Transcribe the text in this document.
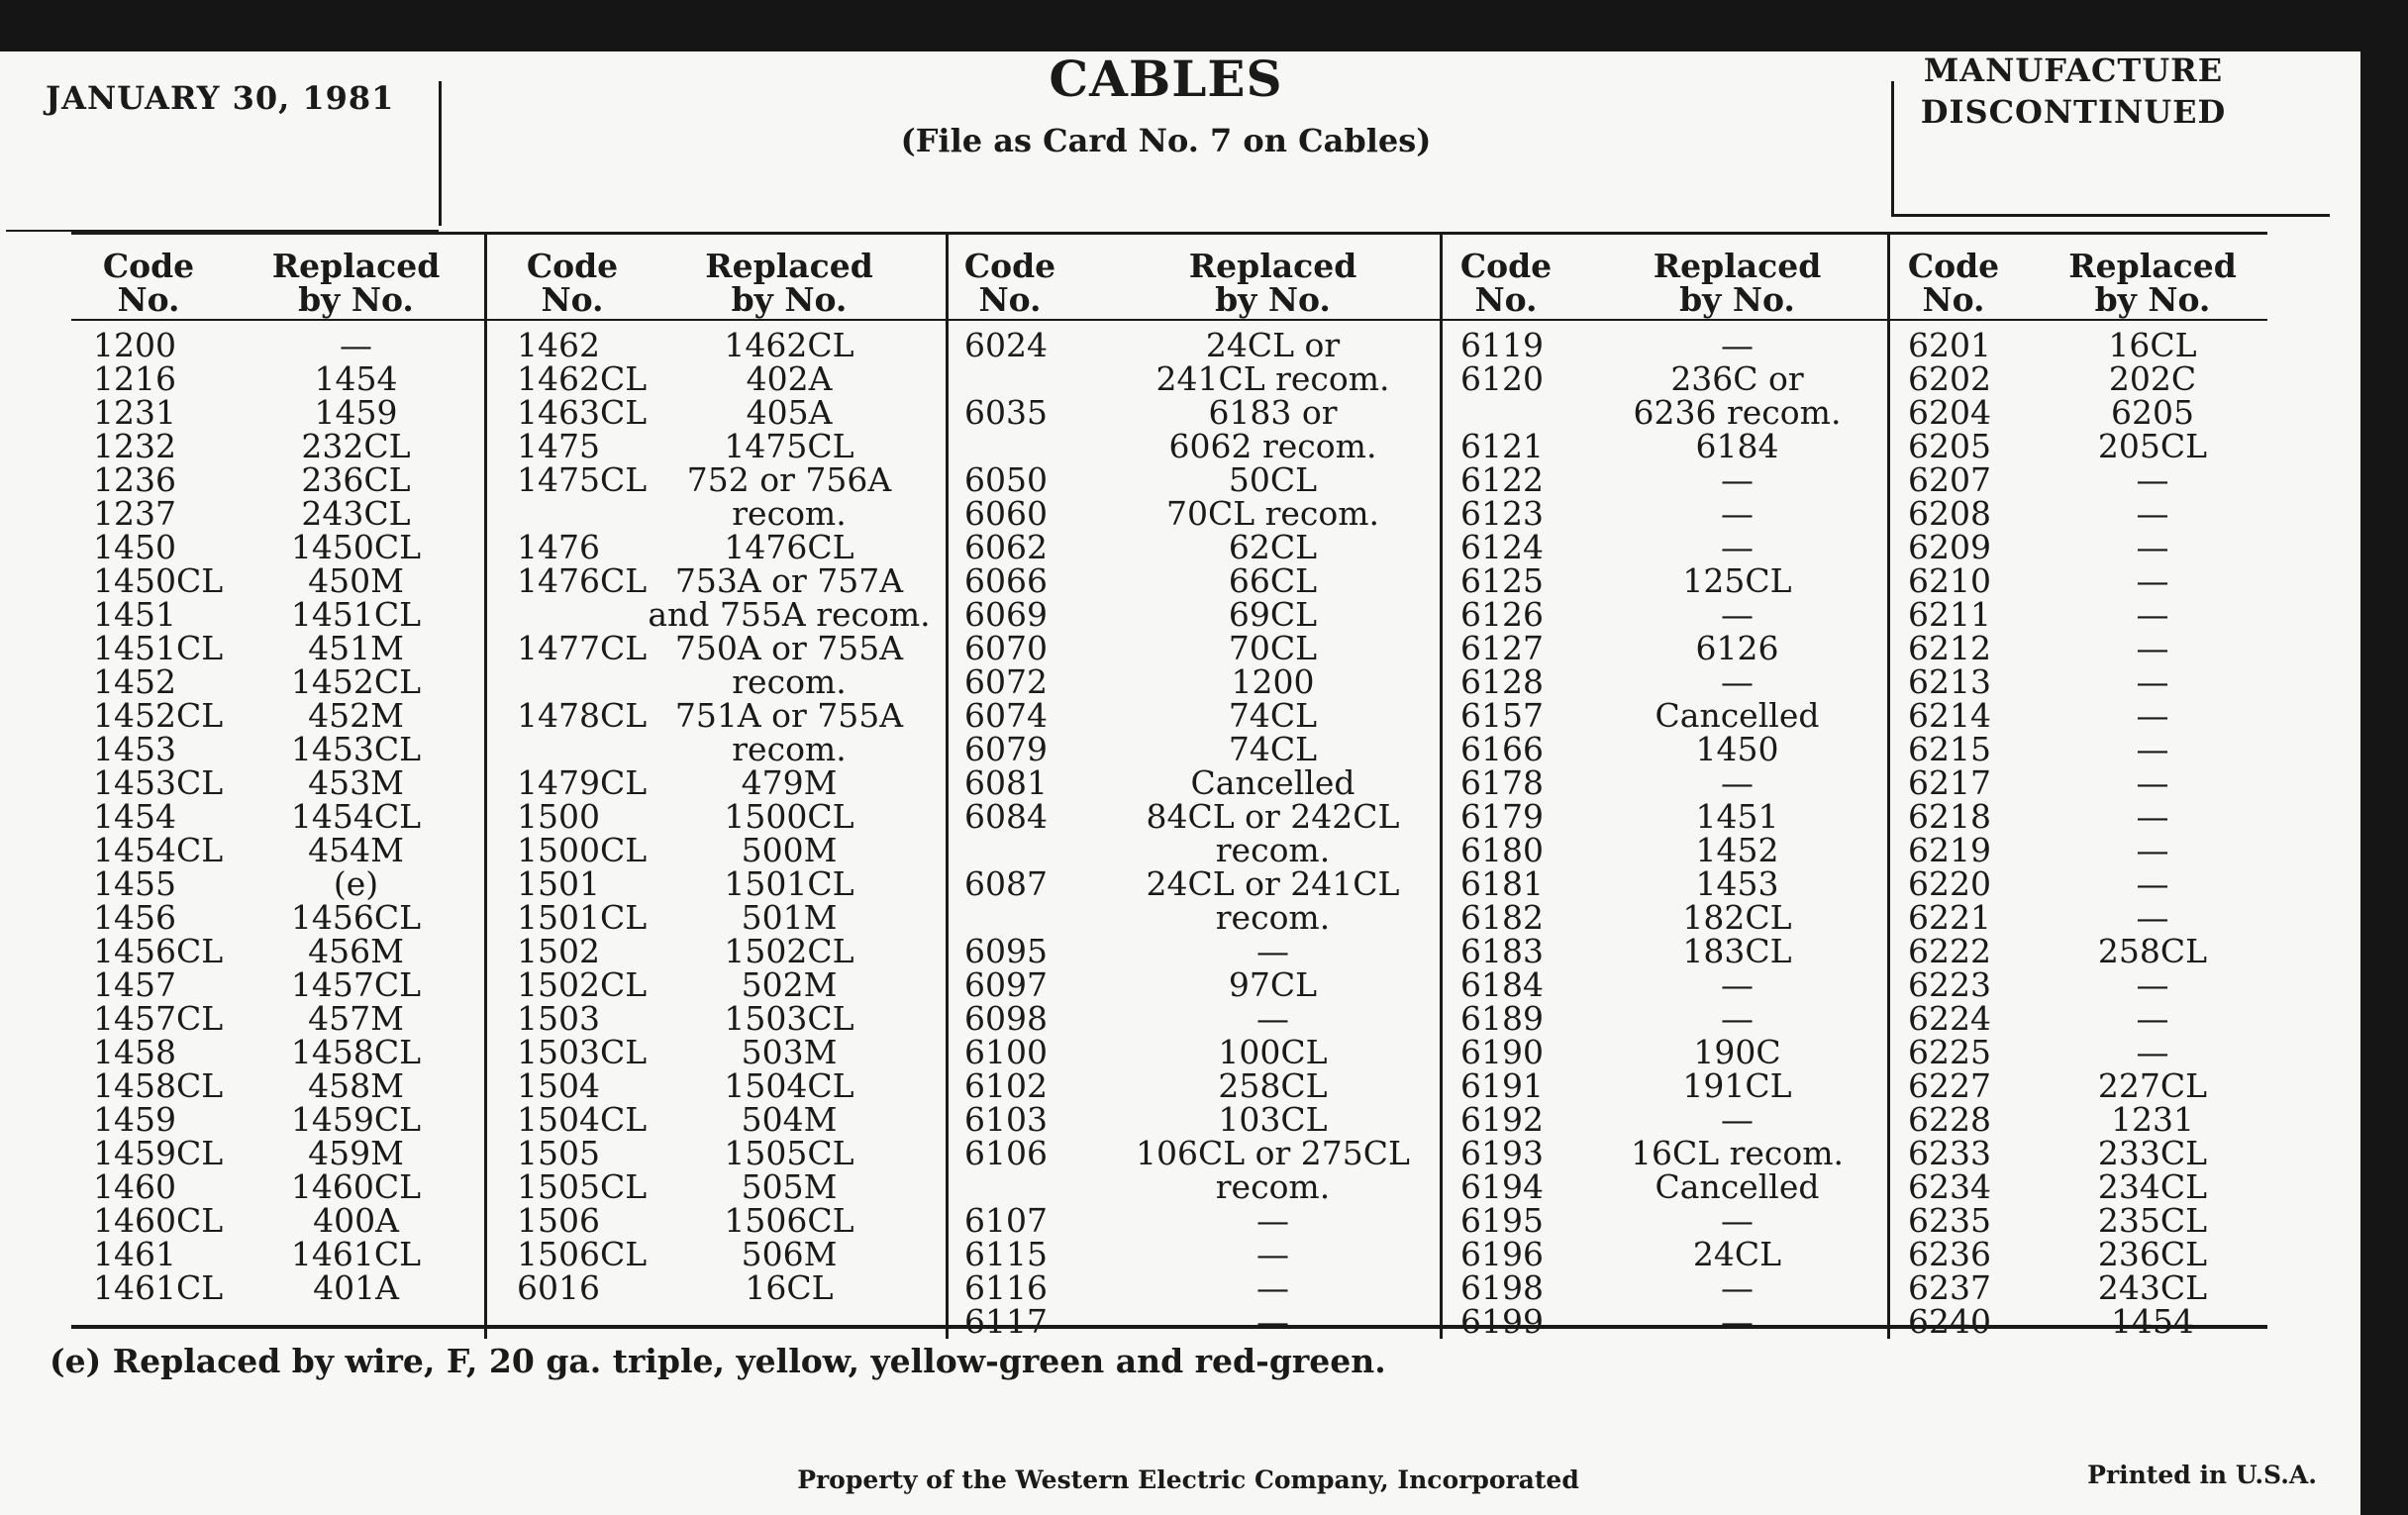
JANUARY 30, 1981	CABLES
(File as Card No. 7 on Cables)
MANUFACTURE
DISCONTINUED
Code
No.
Replaced
by No.
1200	—
1216	1454
1231	1459
1232	232CL
1236	236CL
1237	243CL
1450	1450CL
1450CL	450M
1451	1451CL
1451CL	451M
1452	1452CL
1452CL	452M
1453	1453CL
1453CL	453M
1454	1454CL
1454CL	454M
1455	(e)
1456	1456CL
1456CL	456M
1457	1457CL
1457CL	457M
1458	1458CL
1458CL	458M
1459	1459CL
1459CL	459M
1460	1460CL
1460CL	400A
1461	1461CL
1461CL	401A
Code
No.
Replaced
by No.
1462	1462CL
1462CL	402A
1463CL	405A
1475	1475CL
1475CL	752 or 756A
recom.
1476	1476CL
1476CL 753A or 757A
and 755A recom.
1477CL 750A or 755A
recom.
1478CL 751A or 755A
recom.
1479CL	479M
1500	1500CL
1500CL	500M
1501	1501CL
1501CL	501M
1502	1502CL
1502CL	502M
1503	1503CL
1503CL	503M
1504	1504CL
1504CL	504M
1505	1505CL
1505CL	505M
1506	1506CL
1506CL	506M
6016	16CL
Code
No.
Replaced
by No.
6024	24CL or
241CL recom.
6035	6183 or
6062 recom.
6050	50CL
6060	70CL recom.
6062	62CL
6066	66CL
6069	69CL
6070	70CL
6072	1200
6074	74CL
6079	74CL
6081	Cancelled
6084	84CL or 242CL
recom.
6087	24CL or 241CL
recom.
6095	—
6097	97CL
6098	—
6100	100CL
6102	258CL
6103	103CL
6106	106CL or 275CL
recom.
6107	—
6115	—
6116	—
6117	—
Code
No.
Replaced
by No.
6119	—
6120	236C or
6236 recom.
6121	6184
6122	—
6123	—
6124	—
6125	125CL
6126	—
6127	6126
6128	—
6157	Cancelled
6166	1450
6178	—
6179	1451
6180	1452
6181	1453
6182	182CL
6183	183CL
6184	—
6189	—
6190	190C
6191	191CL
6192	—
6193	16CL recom.
6194	Cancelled
6195	—
6196	24CL
6198	—
6199	—
Code
No.
Replaced
by No.
6201	16CL
6202	202C
6204	6205
6205	205CL
6207	—
6208	—
6209	—
6210	—
6211	—
6212	—
6213	—
6214	—
6215	—
6217	—
6218	—
6219	—
6220	—
6221	—
6222	258CL
6223	—
6224	—
6225	—
6227	227CL
6228	1231
6233	233CL
6234	234CL
6235	235CL
6236	236CL
6237	243CL
6240	1454
(e) Replaced by wire, F, 20 ga. triple, yellow, yellow-green and red-green.
Property of the Western Electric Company, Incorporated	Printed in U.S.A.
